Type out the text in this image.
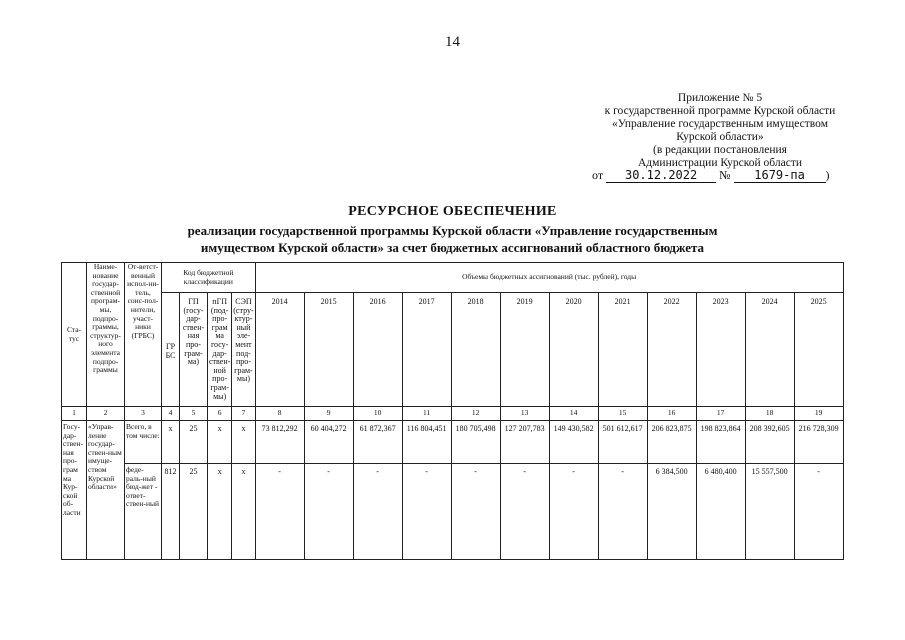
14
Приложение № 5
к государственной программе Курской области
«Управление государственным имуществом
Курской области»
(в редакции постановления
Администрации Курской области
от 30.12.2022 № 1679-па )
РЕСУРСНОЕ ОБЕСПЕЧЕНИЕ
реализации государственной программы Курской области «Управление государственным
имуществом Курской области» за счет бюджетных ассигнований областного бюджета
Ста-тус	Наиме-нование государ-ственной програм-мы, подпро-граммы, структур-ного элемента подпро-граммы	От-ветст-венный испол-ни-тель, соис-пол-нители, участ-ники (ГРБС)	Код бюджетной классификации				Объемы бюджетных ассигнований (тыс. рублей), годы											
			ГР БС	ГП (госу-дар-ствен-ная про-грам-ма)	пГП (под-про-грам ма госу-дар-ствен-ной про-грам-мы)	СЭП (стру-ктур-ный эле-мент под-про-грам-мы)	2014	2015	2016	2017	2018	2019	2020	2021	2022	2023	2024	2025
1	2	3	4	5	6	7	8	9	10	11	12	13	14	15	16	17	18	19
Госу-дар-ствен-ная про-грам ма Кур-ской об-ласти	«Управ-ление государ-ствен-ным имуще-ством Курской области»	Всего, в том числе:	x	25	x	x	73 812,292	60 404,272	61 872,367	116 804,451	180 705,498	127 207,783	149 430,582	501 612,617	206 823,875	198 823,864	208 392,605	216 728,309
		феде-раль-ный бюд-жет - ответ-ствен-ный	812	25	x	x	-	-	-	-	-	-	-	-	6 384,500	6 480,400	15 557,500	-
